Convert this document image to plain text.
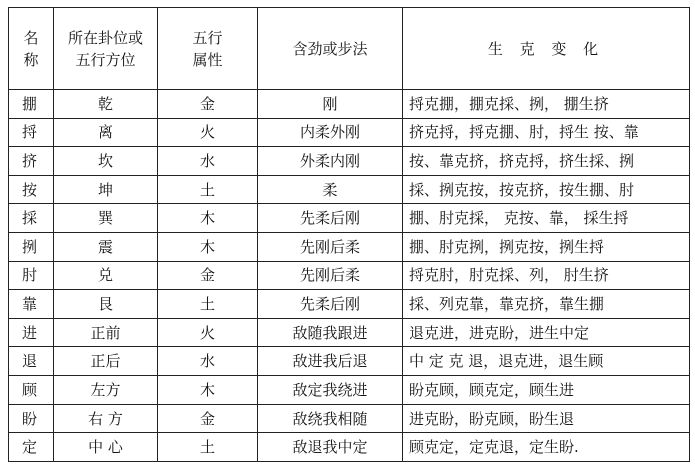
名称	所在卦位或五行方位	五行属性	含劲或步法	生 克 变 化
掤	乾	金	刚	捋克掤，掤克採、挒， 掤生挤
捋	离	火	内柔外刚	挤克捋，捋克掤、肘，捋生 按、靠
挤	坎	水	外柔内刚	按、靠克挤，挤克捋，挤生採、挒
按	坤	土	柔	採、挒克按，按克挤，按生掤、肘
採	巽	木	先柔后刚	掤、肘克採， 克按、靠， 採生捋
挒	震	木	先刚后柔	掤、肘克挒，挒克按，挒生捋
肘	兑	金	先刚后柔	捋克肘，肘克採、列， 肘生挤
靠	艮	土	先柔后刚	採、列克靠，靠克挤，靠生掤
进	正前	火	敌随我跟进	退克进，进克盼，进生中定
退	正后	水	敌进我后退	中 定 克 退，退克进，退生顾
顾	左方	木	敌定我绕进	盼克顾，顾克定，顾生进
盼	右 方	金	敌绕我相随	进克盼，盼克顾，盼生退
定	中 心	土	敌退我中定	顾克定，定克退，定生盼.
